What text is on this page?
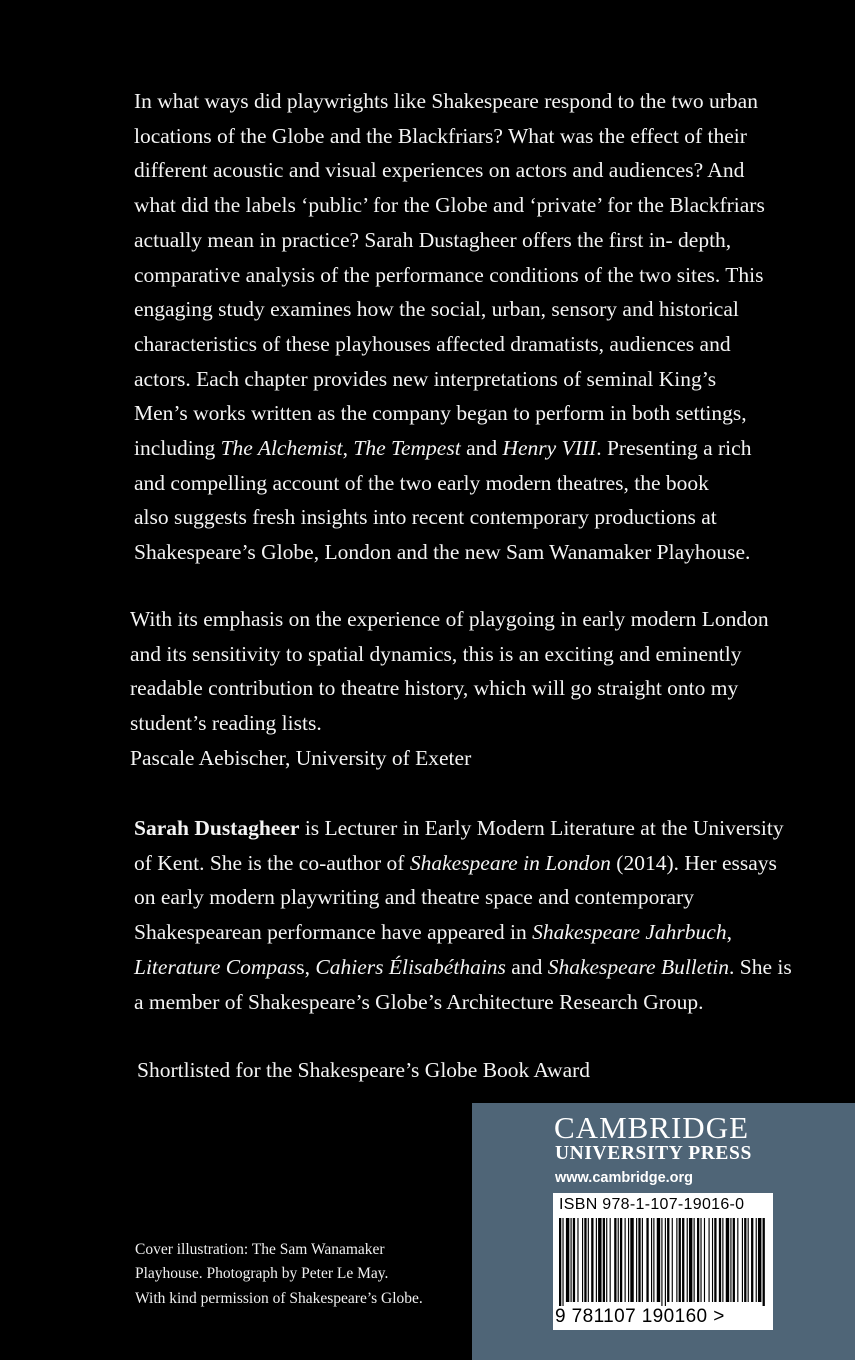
In what ways did playwrights like Shakespeare respond to the two urban
locations of the Globe and the Blackfriars? What was the effect of their
different acoustic and visual experiences on actors and audiences? And
what did the labels ‘public’ for the Globe and ‘private’ for the Blackfriars
actually mean in practice? Sarah Dustagheer offers the first in- depth,
comparative analysis of the performance conditions of the two sites. This
engaging study examines how the social, urban, sensory and historical
characteristics of these playhouses affected dramatists, audiences and
actors. Each chapter provides new interpretations of seminal King’s
Men’s works written as the company began to perform in both settings,
including The Alchemist, The Tempest and Henry VIII. Presenting a rich
and compelling account of the two early modern theatres, the book
also suggests fresh insights into recent contemporary productions at
Shakespeare’s Globe, London and the new Sam Wanamaker Playhouse.
With its emphasis on the experience of playgoing in early modern London
and its sensitivity to spatial dynamics, this is an exciting and eminently
readable contribution to theatre history, which will go straight onto my
student’s reading lists.
Pascale Aebischer, University of Exeter
Sarah Dustagheer is Lecturer in Early Modern Literature at the University
of Kent. She is the co-author of Shakespeare in London (2014). Her essays
on early modern playwriting and theatre space and contemporary
Shakespearean performance have appeared in Shakespeare Jahrbuch,
Literature Compass, Cahiers Élisabéthains and Shakespeare Bulletin. She is
a member of Shakespeare’s Globe’s Architecture Research Group.
Shortlisted for the Shakespeare’s Globe Book Award
Cover illustration: The Sam Wanamaker
Playhouse. Photograph by Peter Le May.
With kind permission of Shakespeare’s Globe.
CAMBRIDGE
UNIVERSITY PRESS
www.cambridge.org
ISBN 978-1-107-19016-0
9 781107 190160 >
